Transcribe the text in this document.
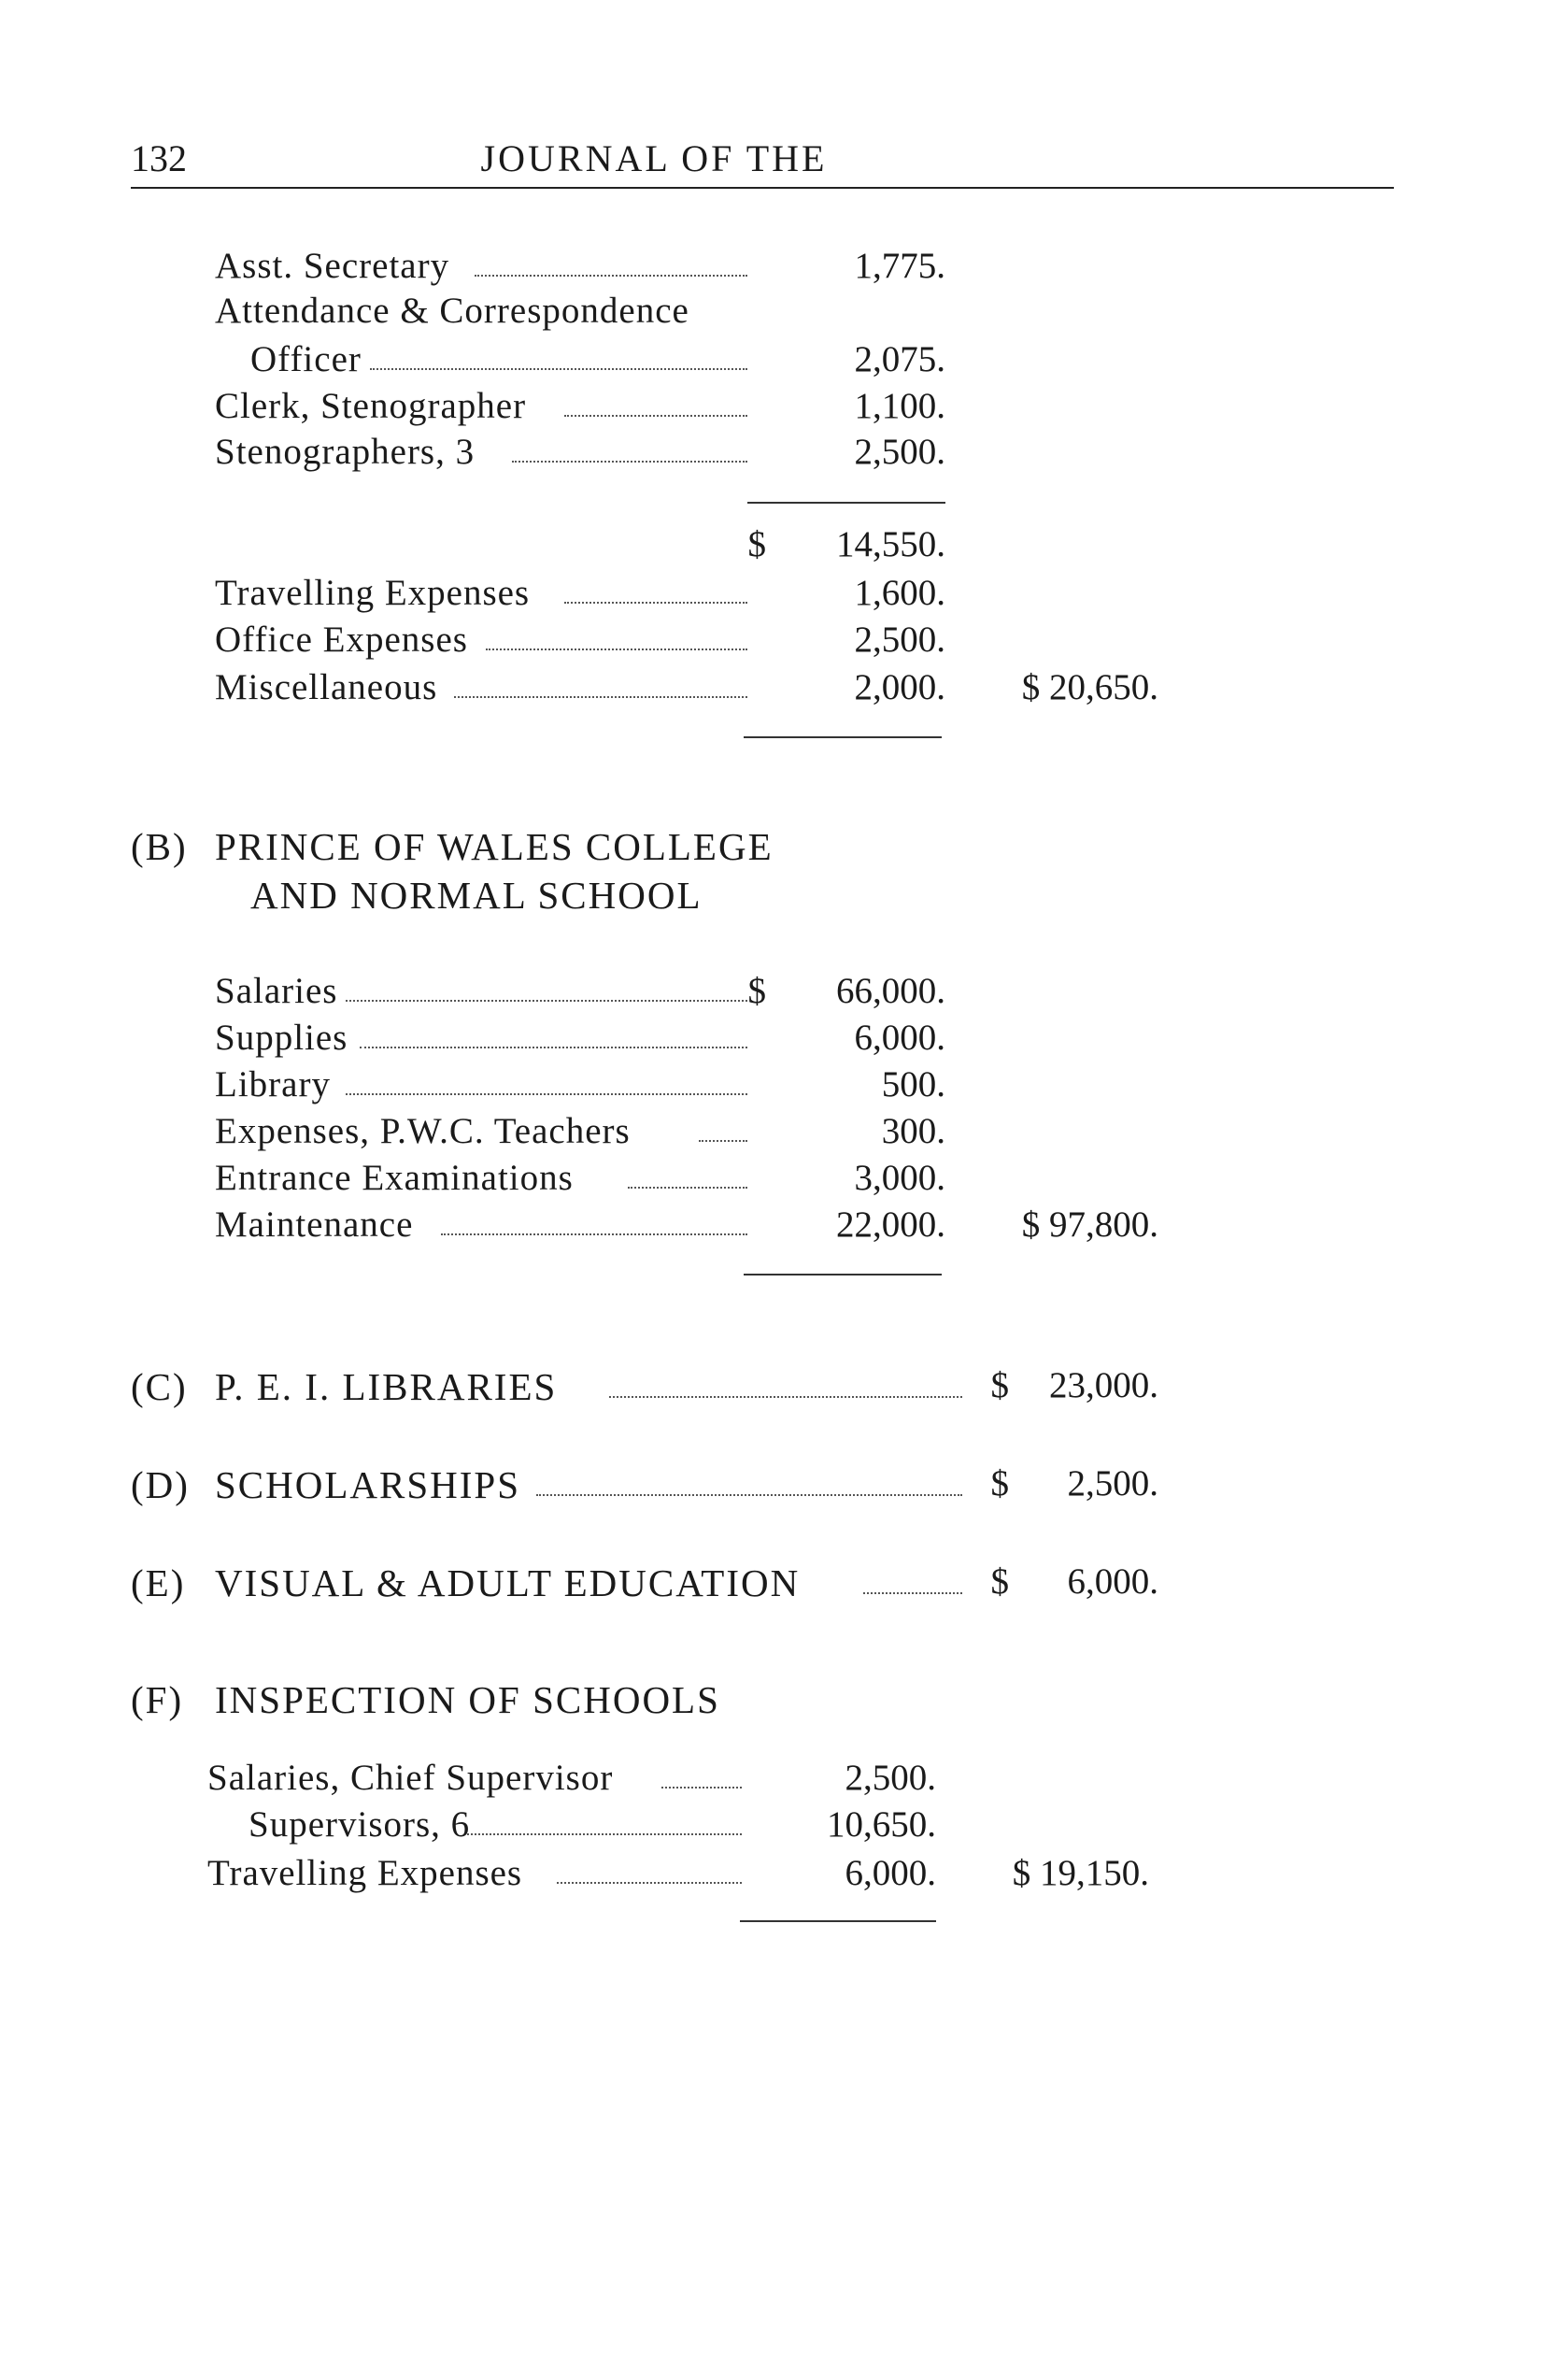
132	JOURNAL OF THE
Asst. Secretary	1,775.
Attendance & Correspondence
Officer	2,075.
Clerk, Stenographer	1,100.
Stenographers, 3	2,500.
$	14,550.
Travelling Expenses	1,600.
Office Expenses	2,500.
Miscellaneous	2,000.	$ 20,650.
(B) PRINCE OF WALES COLLEGE
AND NORMAL SCHOOL
Salaries	$	66,000.
Supplies	6,000.
Library	500.
Expenses, P.W.C. Teachers	300.
Entrance Examinations	3,000.
Maintenance	22,000.	$ 97,800.
(C) P. E. I. LIBRARIES	$	23,000.
(D) SCHOLARSHIPS	$	2,500.
(E) VISUAL & ADULT EDUCATION	$	6,000.
(F) INSPECTION OF SCHOOLS
Salaries, Chief Supervisor	2,500.
Supervisors, 6	10,650.
Travelling Expenses	6,000.	$ 19,150.
